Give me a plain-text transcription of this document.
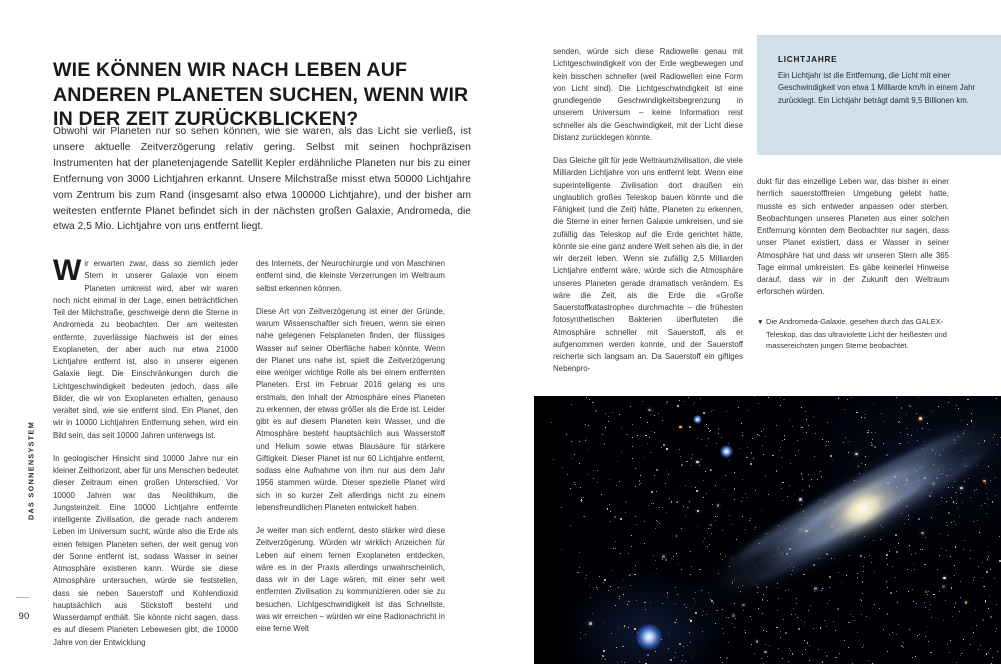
DAS SONNENSYSTEM
90
WIE KÖNNEN WIR NACH LEBEN AUF ANDEREN PLANETEN SUCHEN, WENN WIR IN DER ZEIT ZURÜCKBLICKEN?
Obwohl wir Planeten nur so sehen können, wie sie waren, als das Licht sie verließ, ist unsere aktuelle Zeitverzögerung relativ gering. Selbst mit seinen hochpräzisen Instrumenten hat der planetenjagende Satellit Kepler erdähnliche Planeten nur bis zu einer Entfernung von 3000 Lichtjahren erkannt. Unsere Milchstraße misst etwa 50000 Lichtjahre vom Zentrum bis zum Rand (insgesamt also etwa 100000 Lichtjahre), und der bisher am weitesten entfernte Planet befindet sich in der nächsten großen Galaxie, Andromeda, die etwa 2,5 Mio. Lichtjahre von uns entfernt liegt.

Wir erwarten zwar, dass so ziemlich jeder Stern in unserer Galaxie von einem Planeten umkreist wird, aber wir waren noch nicht einmal in der Lage, einen beträchtlichen Teil der Milchstraße, geschweige denn die Sterne in Andromeda zu beobachten. Der am weitesten entfernte, zuverlässige Nachweis ist der eines Exoplaneten, der aber auch nur etwa 21000 Lichtjahre entfernt ist, also in unserer eigenen Galaxie liegt. Die Einschränkungen durch die Lichtgeschwindigkeit bedeuten jedoch, dass alle Bilder, die wir von Exoplaneten erhalten, genauso veraltet sind, wie sie entfernt sind. Ein Planet, den wir in 10000 Lichtjahren Entfernung sehen, wird ein Bild sein, das seit 10000 Jahren unterwegs ist.

In geologischer Hinsicht sind 10000 Jahre nur ein kleiner Zeithorizont, aber für uns Menschen bedeutet dieser Zeitraum einen großen Unterschied. Vor 10000 Jahren war das Neolithikum, die Jungsteinzeit. Eine 10000 Lichtjahre entfernte intelligente Zivilisation, die gerade nach anderem Leben im Universum sucht, würde also die Erde als einen felsigen Planeten sehen, der weit genug von der Sonne entfernt ist, sodass Wasser in seiner Atmosphäre existieren kann. Würde sie diese Atmosphäre untersuchen, würde sie feststellen, dass sie neben Sauerstoff und Kohlendioxid hauptsächlich aus Stickstoff besteht und Wasserdampf enthält. Sie könnte nicht sagen, dass es auf diesem Planeten Lebewesen gibt, die 10000 Jahre von der Entwicklung

des Internets, der Neurochirurgie und von Maschinen entfernt sind, die kleinste Verzerrungen im Weltraum selbst erkennen können.

Diese Art von Zeitverzögerung ist einer der Gründe, warum Wissenschaftler sich freuen, wenn sie einen nahe gelegenen Felsplaneten finden, der flüssiges Wasser auf seiner Oberfläche haben könnte. Wenn der Planet uns nahe ist, spielt die Zeitverzögerung eine weniger wichtige Rolle als bei einem entfernten Planeten. Erst im Februar 2016 gelang es uns erstmals, den Inhalt der Atmosphäre eines Planeten zu erkennen, der etwas größer als die Erde ist. Leider gibt es auf diesem Planeten kein Wasser, und die Atmosphäre besteht hauptsächlich aus Wasserstoff und Helium sowie etwas Blausäure für stärkere Giftigkeit. Dieser Planet ist nur 60 Lichtjahre entfernt, sodass eine Aufnahme von ihm nur aus dem Jahr 1956 stammen würde. Dieser spezielle Planet wird sich in so kurzer Zeit allerdings nicht zu einem lebensfreundlichen Planeten entwickelt haben.

Je weiter man sich entfernt, desto stärker wird diese Zeitverzögerung. Würden wir wirklich Anzeichen für Leben auf einem fernen Exoplaneten entdecken, wäre es in der Praxis allerdings unwahrscheinlich, dass wir in der Lage wären, mit einer sehr weit entfernten Zivilisation zu kommunizieren oder sie zu besuchen. Lichtgeschwindigkeit ist das Schnellste, was wir erreichen – würden wir eine Radionachricht in eine ferne Welt

senden, würde sich diese Radiowelle genau mit Lichtgeschwindigkeit von der Erde wegbewegen und kein bisschen schneller (weil Radiowellen eine Form von Licht sind). Die Lichtgeschwindigkeit ist eine grundlegende Geschwindigkeitsbegrenzung in unserem Universum – keine Information reist schneller als die Geschwindigkeit, mit der Licht diese Distanz zurücklegen könnte.

Das Gleiche gilt für jede Weltraumzivilisation, die viele Milliarden Lichtjahre von uns entfernt lebt. Wenn eine superintelligente Zivilisation dort draußen ein unglaublich großes Teleskop bauen könnte und die Fähigkeit (und die Zeit) hätte, Planeten zu erkennen, die Sterne in einer fernen Galaxie umkreisen, und sie zufällig das Teleskop auf die Erde gerichtet hätte, könnte sie eine ganz andere Welt sehen als die, in der wir derzeit leben. Wenn sie zufällig 2,5 Milliarden Lichtjahre entfernt wäre, würde sich die Atmosphäre unseres Planeten gerade dramatisch verändern. Es wäre die Zeit, als die Erde die «Große Sauerstoffkatastrophe» durchmachte – die frühesten fotosynthetischen Bakterien überfluteten die Atmosphäre schneller mit Sauerstoff, als er aufgenommen werden konnte, und der Sauerstoff reicherte sich langsam an. Da Sauerstoff ein giftiges Nebenpro-

LICHTJAHRE
Ein Lichtjahr ist die Entfernung, die Licht mit einer Geschwindigkeit von etwa 1 Milliarde km/h in einem Jahr zurücklegt. Ein Lichtjahr beträgt damit 9,5 Billionen km.

dukt für das einzellige Leben war, das bisher in einer herrlich sauerstofffreien Umgebung gelebt hatte, musste es sich entweder anpassen oder sterben. Beobachtungen unseres Planeten aus einer solchen Entfernung könnten dem Beobachter nur sagen, dass unser Planet existiert, dass er Wasser in seiner Atmosphäre hat und dass wir unseren Stern alle 365 Tage einmal umkreisten. Es gäbe keinerlei Hinweise darauf, dass wir in der Zukunft den Weltraum erforschen würden.

▼ Die Andromeda-Galaxie, gesehen durch das GALEX-Teleskop, das das ultraviolette Licht der heißesten und massereichsten jungen Sterne beobachtet.
